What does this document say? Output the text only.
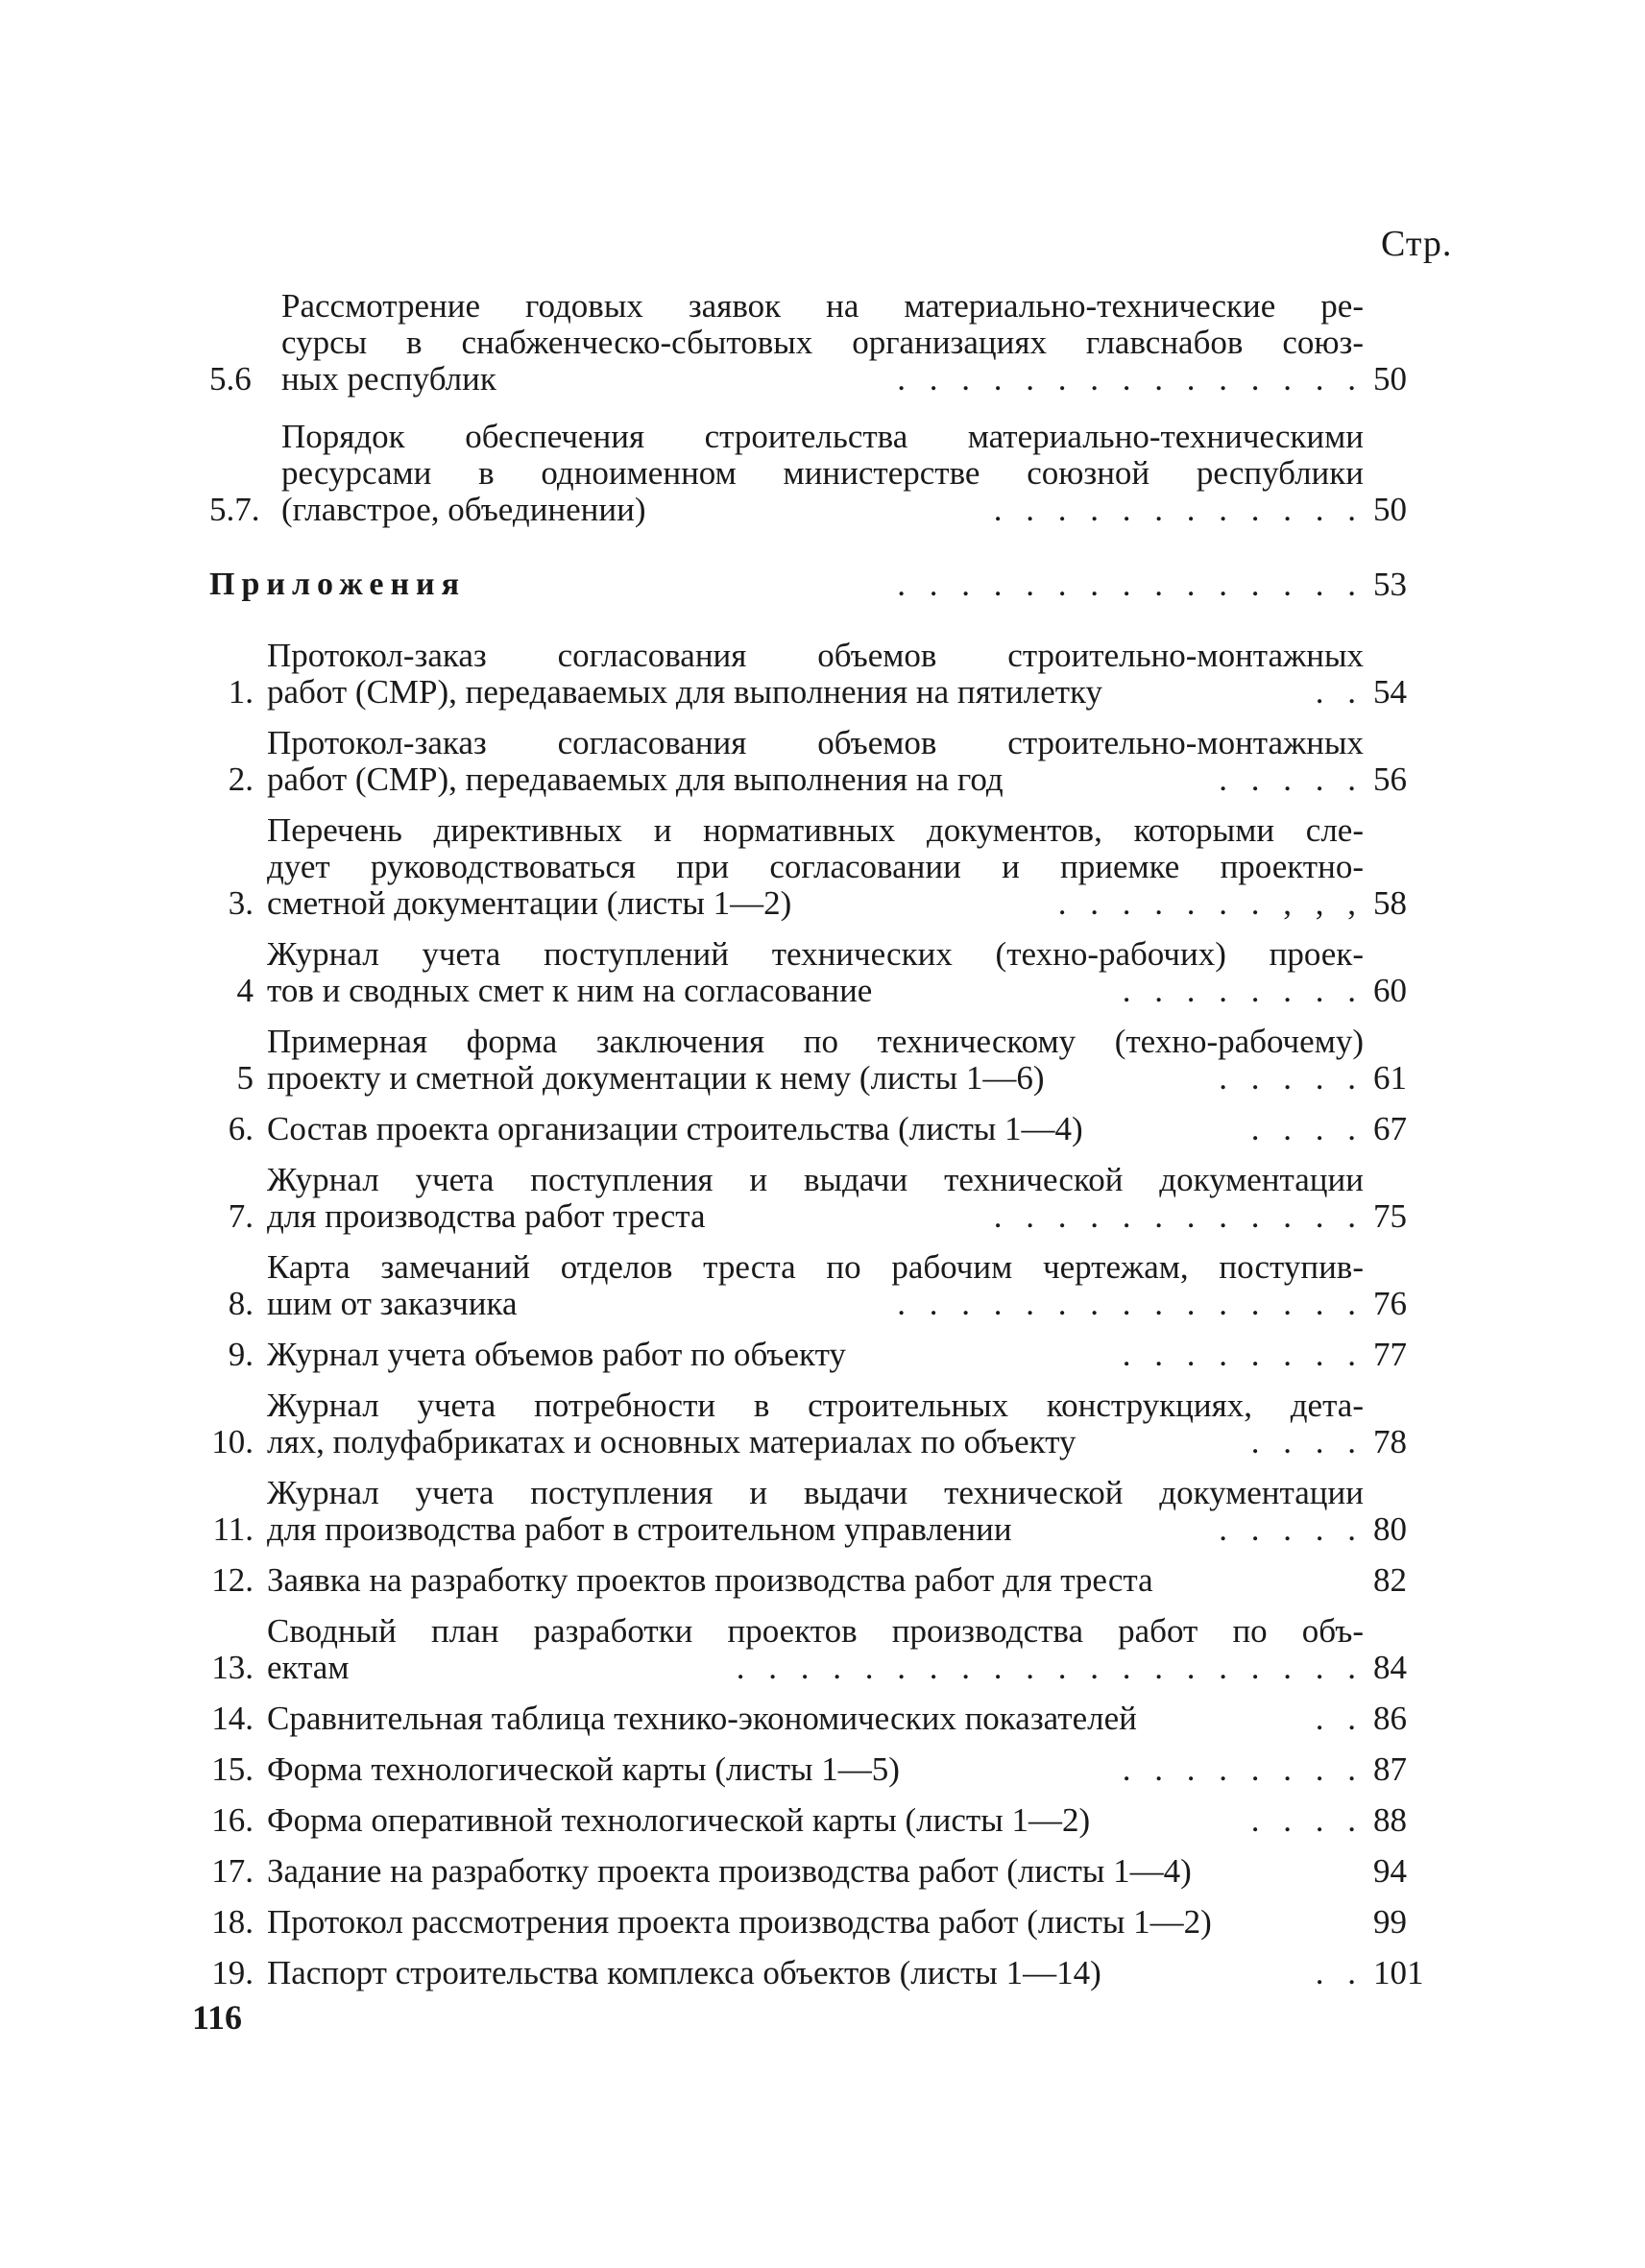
Стр.
5.6
Рассмотрение годовых заявок на материально-технические ре-
сурсы в снабженческо-сбытовых организациях главснабов союз-
ных республик	. . . . . . . . . . . . . . . 50
5.7.
Порядок обеспечения строительства материально-техническими
ресурсами в одноименном министерстве союзной республики
(главстрое, объединении)	. . . . . . . . . . . . 50
Приложения	. . . . . . . . . . . . . . . 53
1.
Протокол-заказ согласования объемов строительно-монтажных
работ (СМР), передаваемых для выполнения на пятилетку	. . 54
2.
Протокол-заказ согласования объемов строительно-монтажных
работ (СМР), передаваемых для выполнения на год	. . . . . 56
3.
Перечень директивных и нормативных документов, которыми сле-
дует руководствоваться при согласовании и приемке проектно-
сметной документации (листы 1—2)	. . . . . . . , , , 58
4
Журнал учета поступлений технических (техно-рабочих) проек-
тов и сводных смет к ним на согласование	. . . . . . . . 60
5
Примерная форма заключения по техническому (техно-рабочему)
проекту и сметной документации к нему (листы 1—6)	. . . . . 61
6. Состав проекта организации строительства (листы 1—4)	. . . . 67
7.
Журнал учета поступления и выдачи технической документации
для производства работ треста	. . . . . . . . . . . . 75
8.
Карта замечаний отделов треста по рабочим чертежам, поступив-
шим от заказчика	. . . . . . . . . . . . . . . 76
9. Журнал учета объемов работ по объекту	. . . . . . . . 77
10.
Журнал учета потребности в строительных конструкциях, дета-
лях, полуфабрикатах и основных материалах по объекту	. . . . 78
11.
Журнал учета поступления и выдачи технической документации
для производства работ в строительном управлении	. . . . . 80
12. Заявка на разработку проектов производства работ для треста	82
13.
Сводный план разработки проектов производства работ по объ-
ектам	. . . . . . . . . . . . . . . . . . . . 84
14. Сравнительная таблица технико-экономических показателей	. . 86
15. Форма технологической карты (листы 1—5)	. . . . . . . . 87
16. Форма оперативной технологической карты (листы 1—2)	. . . . 88
17. Задание на разработку проекта производства работ (листы 1—4)	94
18. Протокол рассмотрения проекта производства работ (листы 1—2)	99
19. Паспорт строительства комплекса объектов (листы 1—14)	. . 101
116
